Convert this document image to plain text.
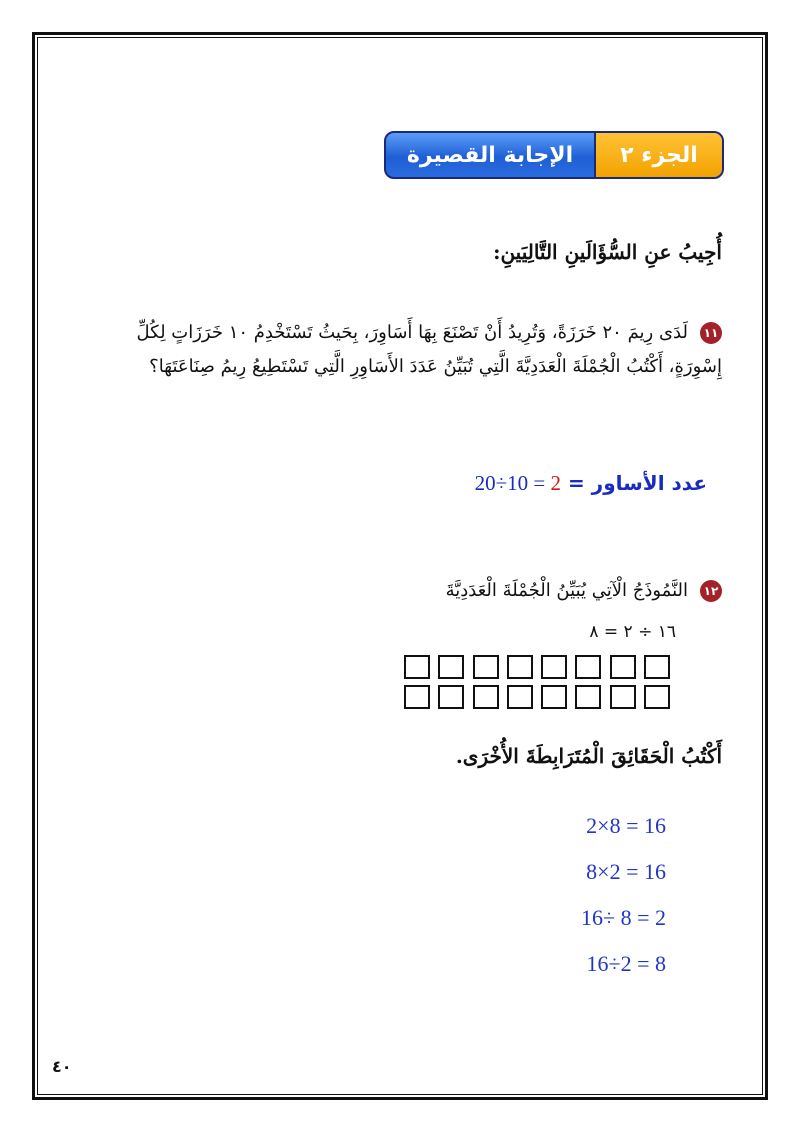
الجزء ٢
الإجابة القصيرة
أُجِيبُ عنِ السُّؤَالَينِ التَّالِيَينِ:
١١لَدَى رِيمَ ٢٠ خَرَزَةً، وَتُرِيدُ أَنْ تَصْنَعَ بِهَا أَسَاوِرَ، بِحَيثُ تَسْتَخْدِمُ ١٠ خَرَزَاتٍ لِكُلِّ إِسْوِرَةٍ، أَكْتُبُ الْجُمْلَةَ الْعَدَدِيَّةَ الَّتِي تُبَيِّنُ عَدَدَ الأَسَاوِرِ الَّتِي تَسْتَطِيعُ رِيمُ صِنَاعَتَهَا؟
عدد الأساور = 20÷10 = 2
١٢النَّمُوذَجُ الْآتِي يُبَيِّنُ الْجُمْلَةَ الْعَدَدِيَّةَ
١٦ ÷ ٢ = ٨
أَكْتُبُ الْحَقَائِقَ الْمُتَرَابِطَةَ الأُخْرَى.
2×8 = 16
8×2 = 16
16÷ 8 = 2
16÷2 = 8
٤٠
